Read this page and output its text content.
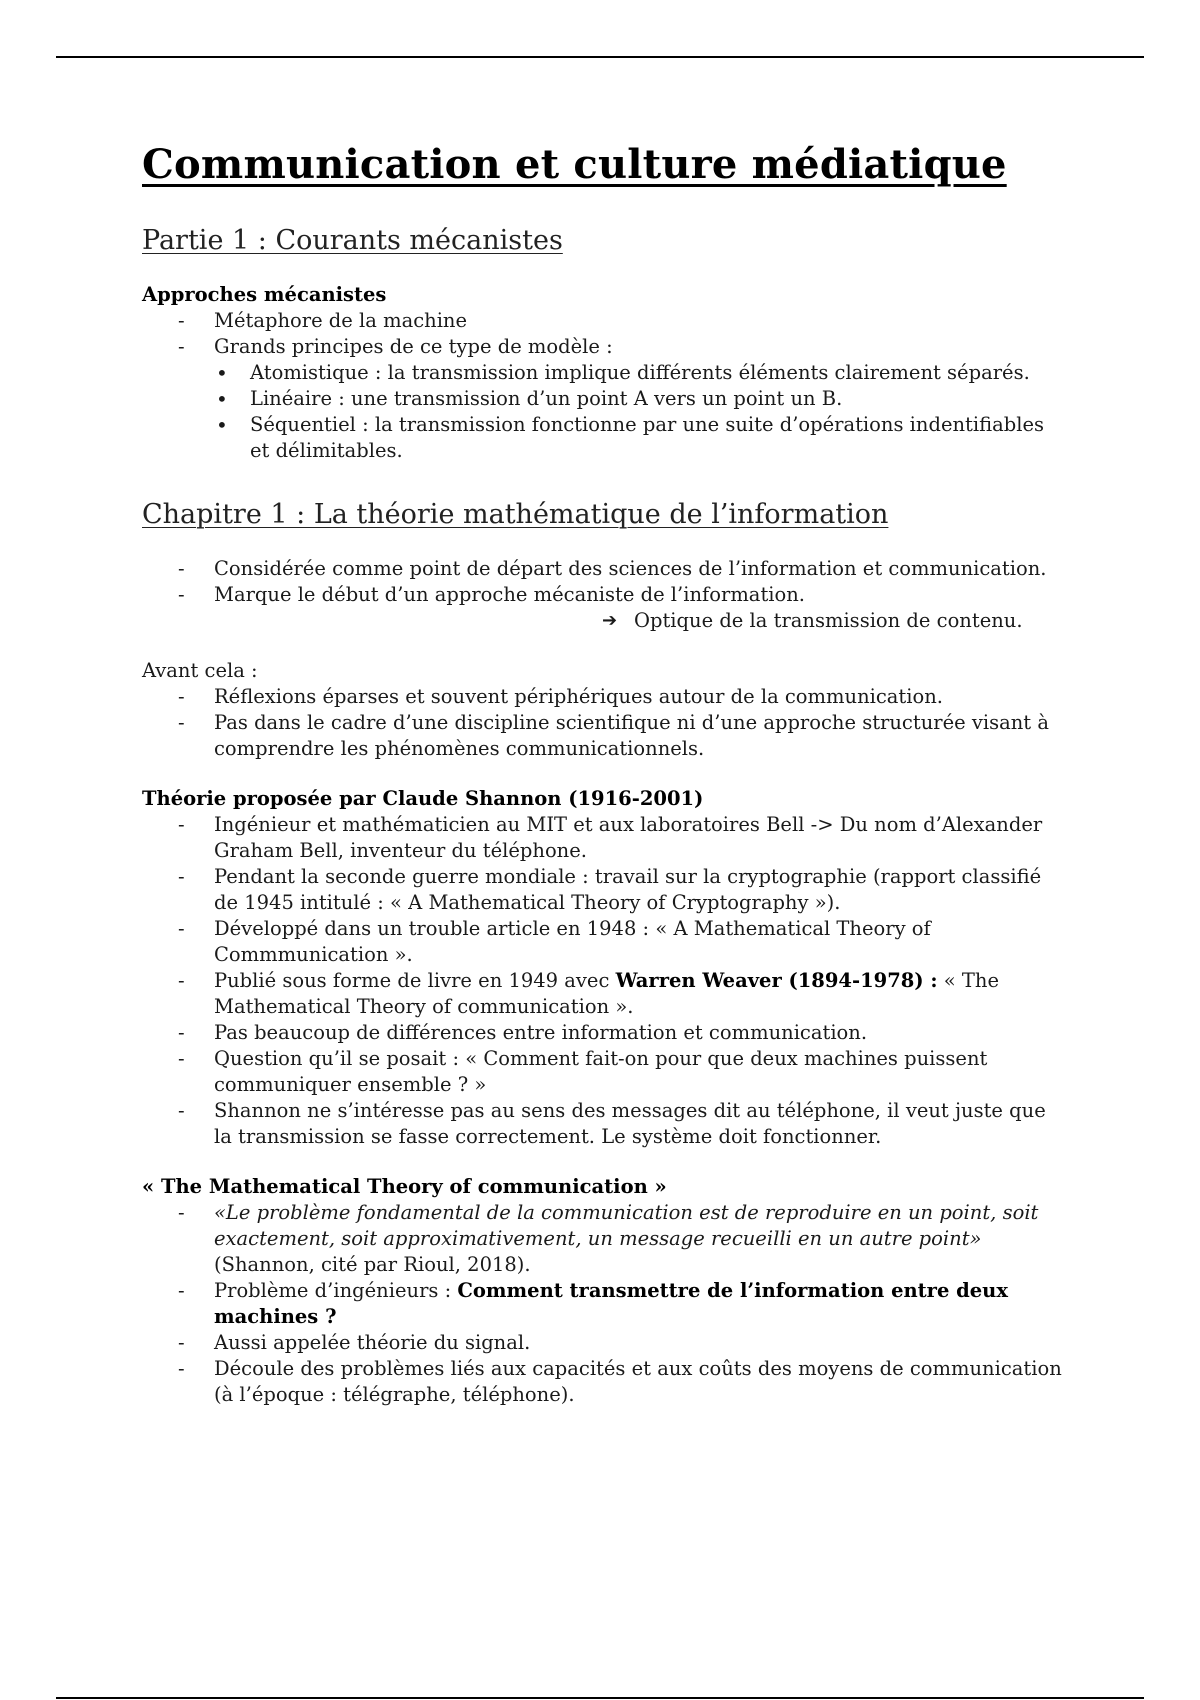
Communication et culture médiatique
Partie 1 : Courants mécanistes
Approches mécanistes
- Métaphore de la machine
- Grands principes de ce type de modèle :
• Atomistique : la transmission implique différents éléments clairement séparés.
• Linéaire : une transmission d’un point A vers un point un B.
• Séquentiel : la transmission fonctionne par une suite d’opérations indentifiables et délimitables.
Chapitre 1 : La théorie mathématique de l’information
- Considérée comme point de départ des sciences de l’information et communication.
- Marque le début d’un approche mécaniste de l’information.
➔ Optique de la transmission de contenu.
Avant cela :
- Réflexions éparses et souvent périphériques autour de la communication.
- Pas dans le cadre d’une discipline scientifique ni d’une approche structurée visant à comprendre les phénomènes communicationnels.
Théorie proposée par Claude Shannon (1916-2001)
- Ingénieur et mathématicien au MIT et aux laboratoires Bell -> Du nom d’Alexander Graham Bell, inventeur du téléphone.
- Pendant la seconde guerre mondiale : travail sur la cryptographie (rapport classifié de 1945 intitulé : « A Mathematical Theory of Cryptography »).
- Développé dans un trouble article en 1948 : « A Mathematical Theory of Commmunication ».
- Publié sous forme de livre en 1949 avec Warren Weaver (1894-1978) : « The Mathematical Theory of communication ».
- Pas beaucoup de différences entre information et communication.
- Question qu’il se posait : « Comment fait-on pour que deux machines puissent communiquer ensemble ? »
- Shannon ne s’intéresse pas au sens des messages dit au téléphone, il veut juste que la transmission se fasse correctement. Le système doit fonctionner.
« The Mathematical Theory of communication »
- «Le problème fondamental de la communication est de reproduire en un point, soit exactement, soit approximativement, un message recueilli en un autre point» (Shannon, cité par Rioul, 2018).
- Problème d’ingénieurs : Comment transmettre de l’information entre deux machines ?
- Aussi appelée théorie du signal.
- Découle des problèmes liés aux capacités et aux coûts des moyens de communication (à l’époque : télégraphe, téléphone).
